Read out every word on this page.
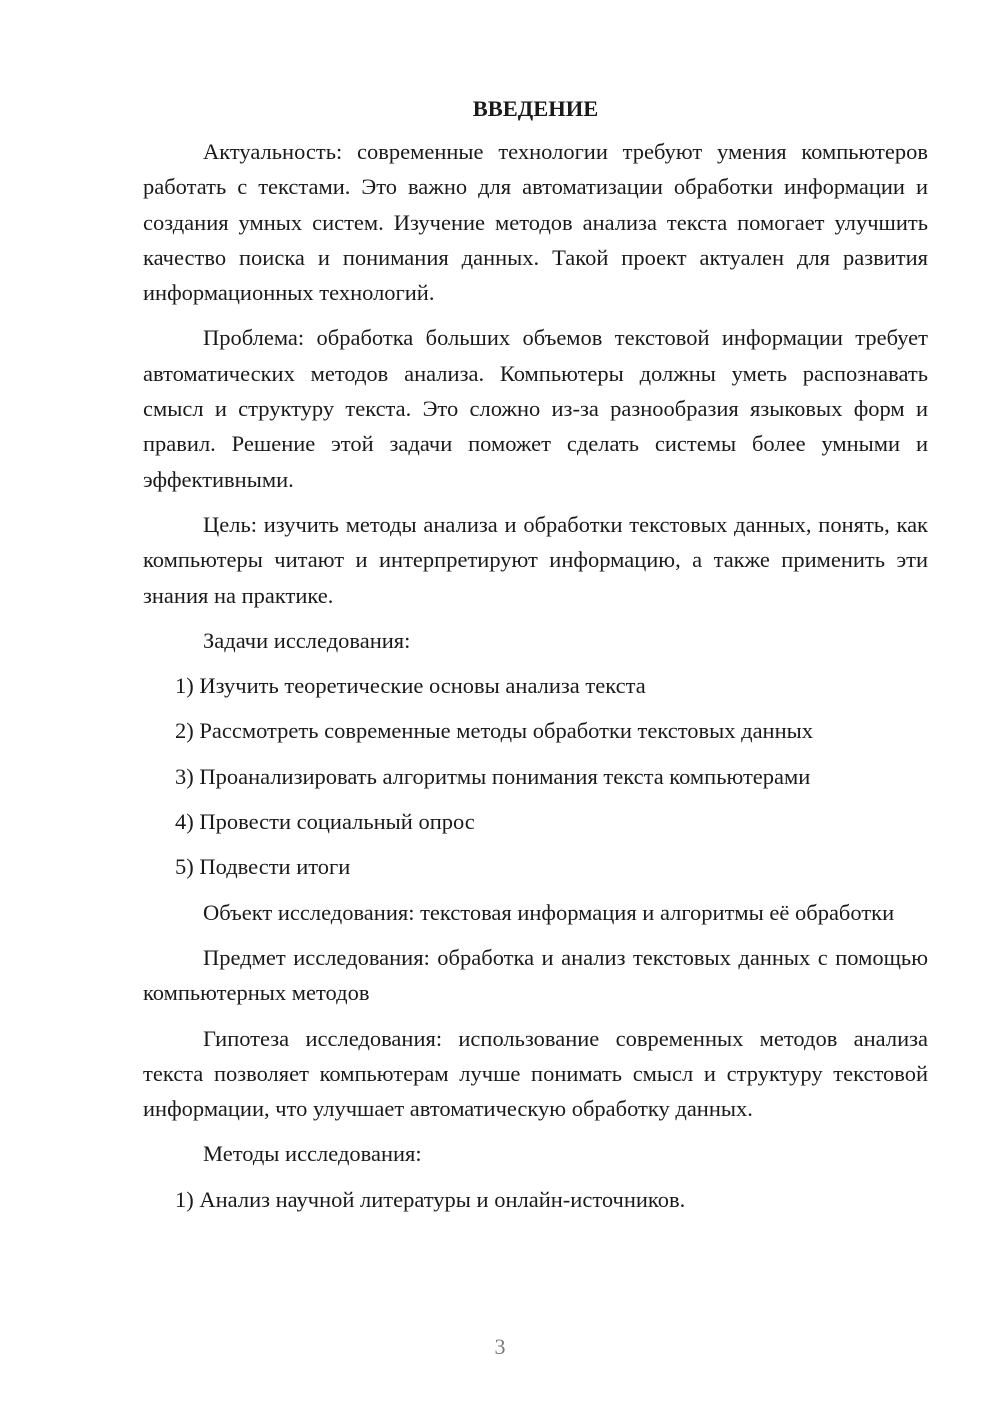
ВВЕДЕНИЕ

Актуальность: современные технологии требуют умения компьютеров работать с текстами. Это важно для автоматизации обработки информации и создания умных систем. Изучение методов анализа текста помогает улучшить качество поиска и понимания данных. Такой проект актуален для развития информационных технологий.

Проблема: обработка больших объемов текстовой информации требует автоматических методов анализа. Компьютеры должны уметь распознавать смысл и структуру текста. Это сложно из-за разнообразия языковых форм и правил. Решение этой задачи поможет сделать системы более умными и эффективными.

Цель: изучить методы анализа и обработки текстовых данных, понять, как компьютеры читают и интерпретируют информацию, а также применить эти знания на практике.

Задачи исследования:

1) Изучить теоретические основы анализа текста
2) Рассмотреть современные методы обработки текстовых данных
3) Проанализировать алгоритмы понимания текста компьютерами
4) Провести социальный опрос
5) Подвести итоги

Объект исследования: текстовая информация и алгоритмы её обработки

Предмет исследования: обработка и анализ текстовых данных с помощью компьютерных методов

Гипотеза исследования: использование современных методов анализа текста позволяет компьютерам лучше понимать смысл и структуру текстовой информации, что улучшает автоматическую обработку данных.

Методы исследования:

1) Анализ научной литературы и онлайн-источников.
3
